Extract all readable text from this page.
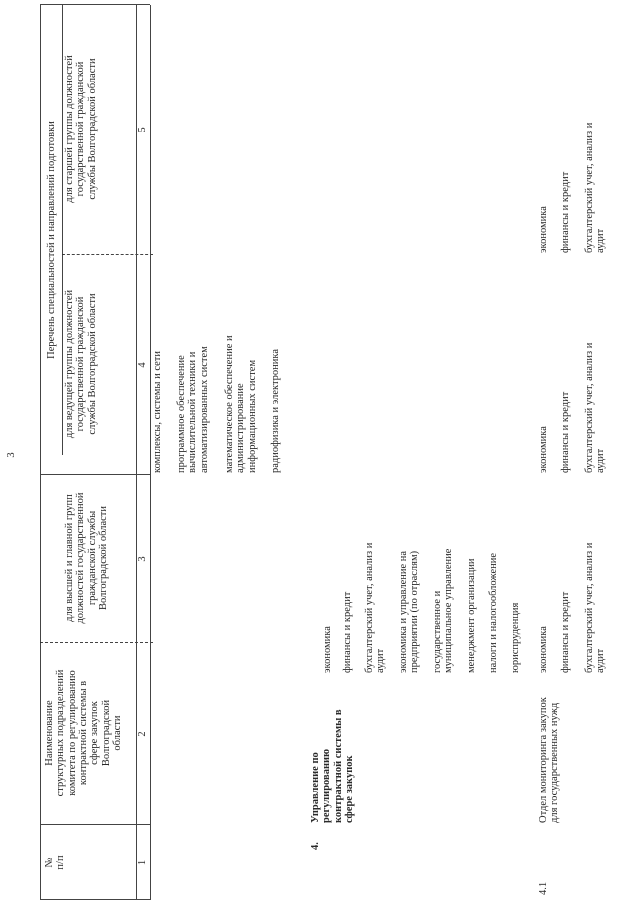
3

№
п/п

Наименование
структурных подразделений
комитета по регулированию
контрактной системы в
сфере закупок
Волгоградской
области

Перечень специальностей и направлений подготовки

для высшей и главной групп
должностей государственной
гражданской службы
Волгоградской области

для ведущей группы должностей
государственной гражданской
службы Волгоградской области

для старшей группы должностей
государственной гражданской
службы Волгоградской области

1

2

3

4

5

комплексы, системы и сети программное обеспечение
вычислительной техники и
автоматизированных систем

математическое обеспечение и
администрирование
информационных систем радиофизика и электроника

4.

Управление по
регулированию
контрактной системы в
сфере закупок

экономика финансы и кредит бухгалтерский учет, анализ и
аудит экономика и управление на
предприятии (по отраслям)

государственное и
муниципальное управление менеджмент организации налоги и налогообложение юриспруденция

4.1

Отдел мониторинга закупок
для государственных нужд

экономика финансы и кредит бухгалтерский учет, анализ и
аудит

экономика финансы и кредит бухгалтерский учет, анализ и
аудит

экономика финансы и кредит бухгалтерский учет, анализ и
аудит
